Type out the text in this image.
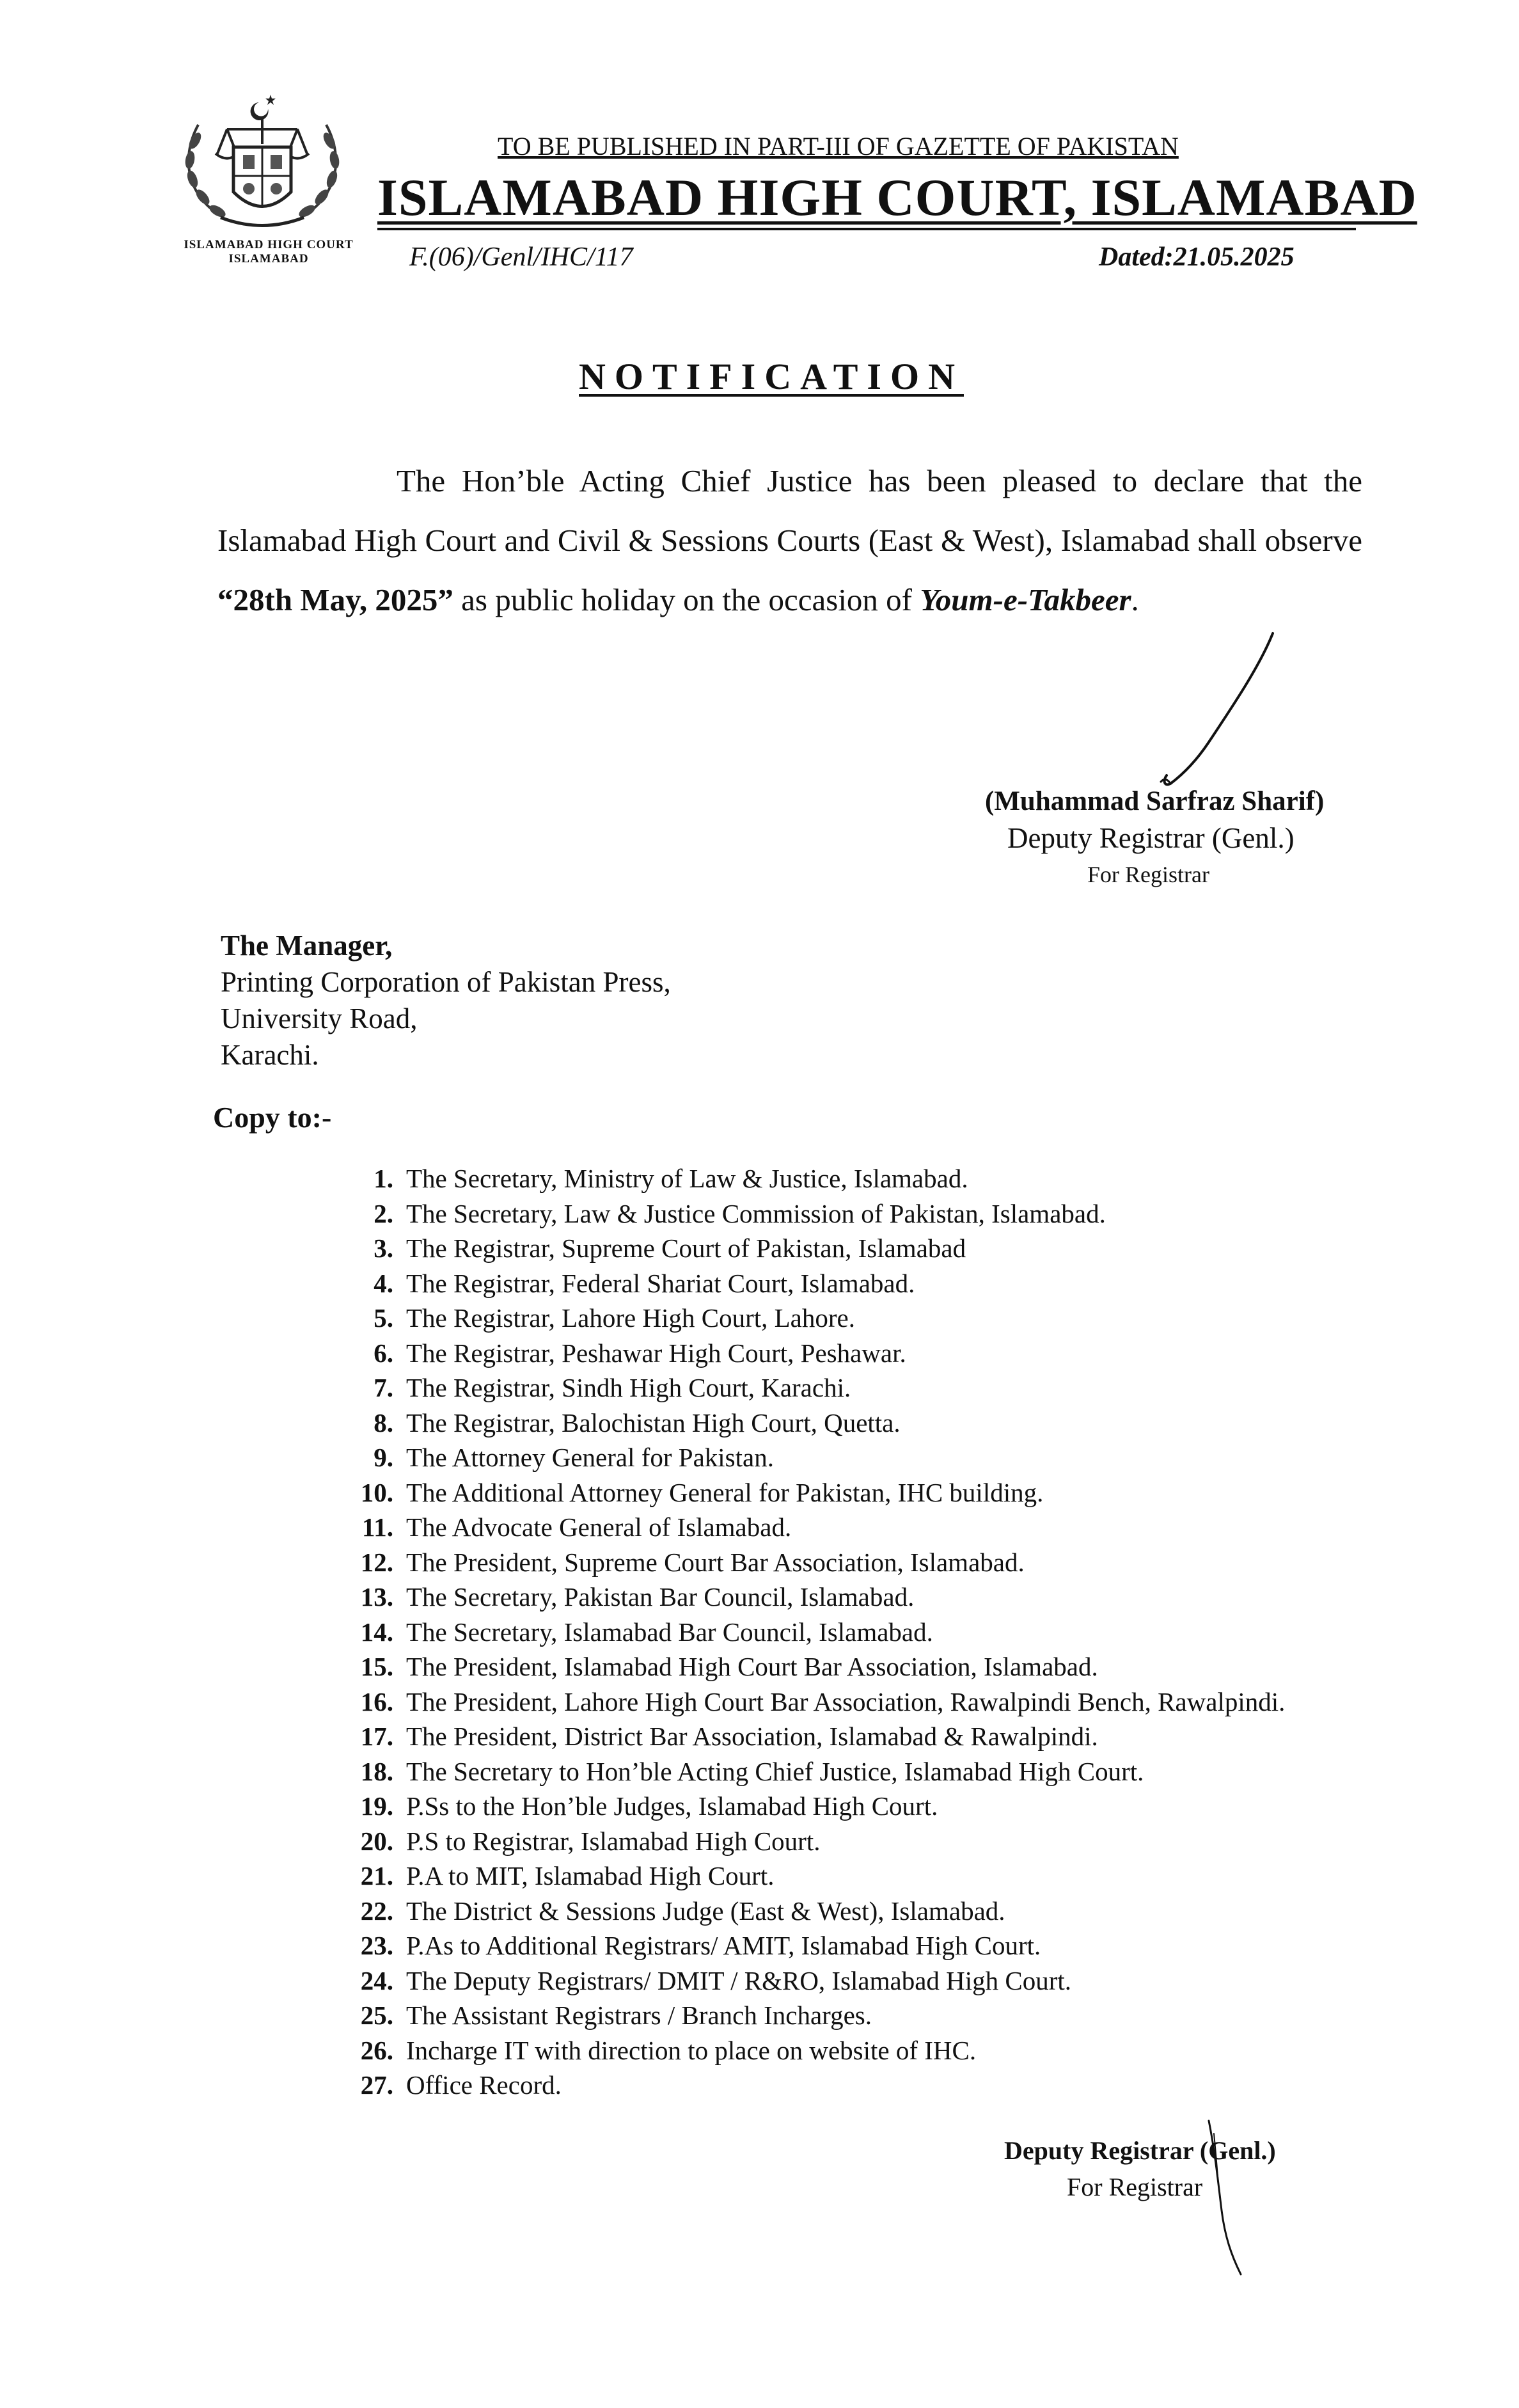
ISLAMABAD HIGH COURT ISLAMABAD
TO BE PUBLISHED IN PART-III OF GAZETTE OF PAKISTAN
ISLAMABAD HIGH COURT, ISLAMABAD
F.(06)/Genl/IHC/117	Dated:21.05.2025
NOTIFICATION
The Hon’ble Acting Chief Justice has been pleased to declare that the Islamabad High Court and Civil & Sessions Courts (East & West), Islamabad shall observe “28th May, 2025” as public holiday on the occasion of Youm-e-Takbeer.
(Muhammad Sarfraz Sharif)
Deputy Registrar (Genl.)
For Registrar
The Manager,
Printing Corporation of Pakistan Press,
University Road,
Karachi.
Copy to:-
1. The Secretary, Ministry of Law & Justice, Islamabad.
2. The Secretary, Law & Justice Commission of Pakistan, Islamabad.
3. The Registrar, Supreme Court of Pakistan, Islamabad
4. The Registrar, Federal Shariat Court, Islamabad.
5. The Registrar, Lahore High Court, Lahore.
6. The Registrar, Peshawar High Court, Peshawar.
7. The Registrar, Sindh High Court, Karachi.
8. The Registrar, Balochistan High Court, Quetta.
9. The Attorney General for Pakistan.
10. The Additional Attorney General for Pakistan, IHC building.
11. The Advocate General of Islamabad.
12. The President, Supreme Court Bar Association, Islamabad.
13. The Secretary, Pakistan Bar Council, Islamabad.
14. The Secretary, Islamabad Bar Council, Islamabad.
15. The President, Islamabad High Court Bar Association, Islamabad.
16. The President, Lahore High Court Bar Association, Rawalpindi Bench, Rawalpindi.
17. The President, District Bar Association, Islamabad & Rawalpindi.
18. The Secretary to Hon’ble Acting Chief Justice, Islamabad High Court.
19. P.Ss to the Hon’ble Judges, Islamabad High Court.
20. P.S to Registrar, Islamabad High Court.
21. P.A to MIT, Islamabad High Court.
22. The District & Sessions Judge (East & West), Islamabad.
23. P.As to Additional Registrars/ AMIT, Islamabad High Court.
24. The Deputy Registrars/ DMIT / R&RO, Islamabad High Court.
25. The Assistant Registrars / Branch Incharges.
26. Incharge IT with direction to place on website of IHC.
27. Office Record.
Deputy Registrar (Genl.)
For Registrar
